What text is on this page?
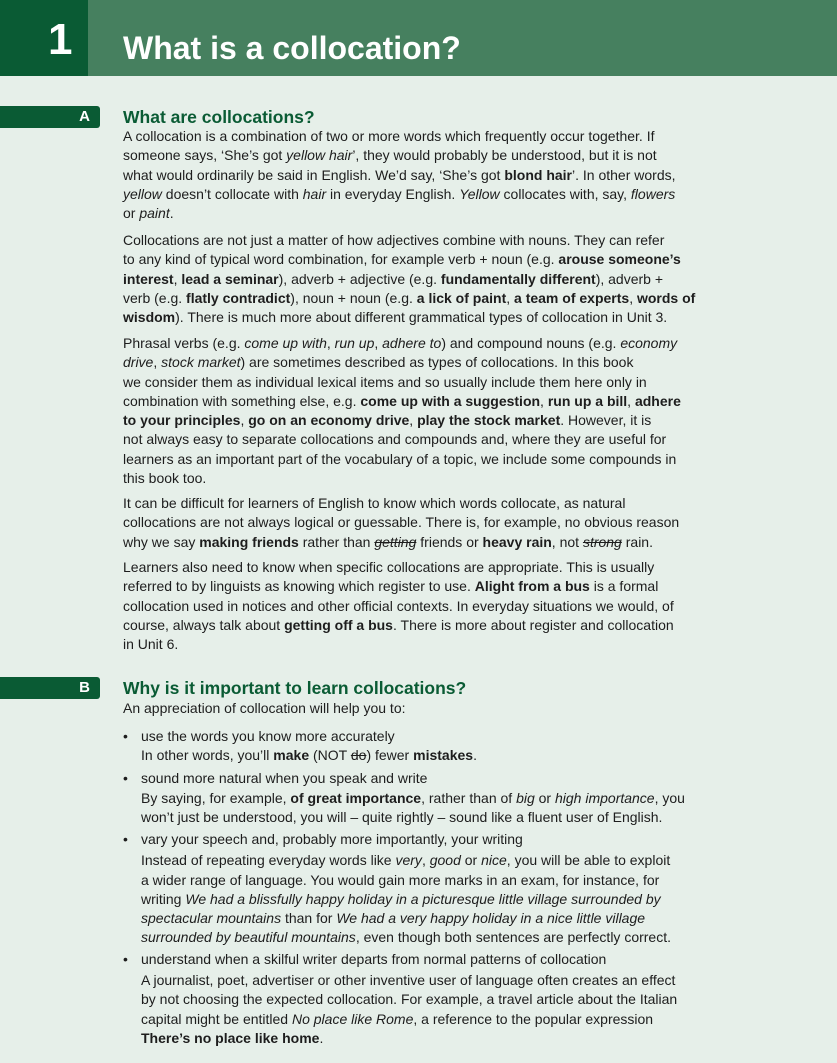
1 What is a collocation?
A What are collocations?
A collocation is a combination of two or more words which frequently occur together. If
someone says, ‘She’s got yellow hair’, they would probably be understood, but it is not
what would ordinarily be said in English. We’d say, ‘She’s got blond hair’. In other words,
yellow doesn’t collocate with hair in everyday English. Yellow collocates with, say, flowers
or paint.
Collocations are not just a matter of how adjectives combine with nouns. They can refer
to any kind of typical word combination, for example verb + noun (e.g. arouse someone’s
interest, lead a seminar), adverb + adjective (e.g. fundamentally different), adverb +
verb (e.g. flatly contradict), noun + noun (e.g. a lick of paint, a team of experts, words of
wisdom). There is much more about different grammatical types of collocation in Unit 3.
Phrasal verbs (e.g. come up with, run up, adhere to) and compound nouns (e.g. economy
drive, stock market) are sometimes described as types of collocations. In this book
we consider them as individual lexical items and so usually include them here only in
combination with something else, e.g. come up with a suggestion, run up a bill, adhere
to your principles, go on an economy drive, play the stock market. However, it is
not always easy to separate collocations and compounds and, where they are useful for
learners as an important part of the vocabulary of a topic, we include some compounds in
this book too.
It can be difficult for learners of English to know which words collocate, as natural
collocations are not always logical or guessable. There is, for example, no obvious reason
why we say making friends rather than getting friends or heavy rain, not strong rain.
Learners also need to know when specific collocations are appropriate. This is usually
referred to by linguists as knowing which register to use. Alight from a bus is a formal
collocation used in notices and other official contexts. In everyday situations we would, of
course, always talk about getting off a bus. There is more about register and collocation
in Unit 6.
B Why is it important to learn collocations?
An appreciation of collocation will help you to:
• use the words you know more accurately
In other words, you’ll make (NOT do) fewer mistakes.
• sound more natural when you speak and write
By saying, for example, of great importance, rather than of big or high importance, you
won’t just be understood, you will – quite rightly – sound like a fluent user of English.
• vary your speech and, probably more importantly, your writing
Instead of repeating everyday words like very, good or nice, you will be able to exploit
a wider range of language. You would gain more marks in an exam, for instance, for
writing We had a blissfully happy holiday in a picturesque little village surrounded by
spectacular mountains than for We had a very happy holiday in a nice little village
surrounded by beautiful mountains, even though both sentences are perfectly correct.
• understand when a skilful writer departs from normal patterns of collocation
A journalist, poet, advertiser or other inventive user of language often creates an effect
by not choosing the expected collocation. For example, a travel article about the Italian
capital might be entitled No place like Rome, a reference to the popular expression
There’s no place like home.
